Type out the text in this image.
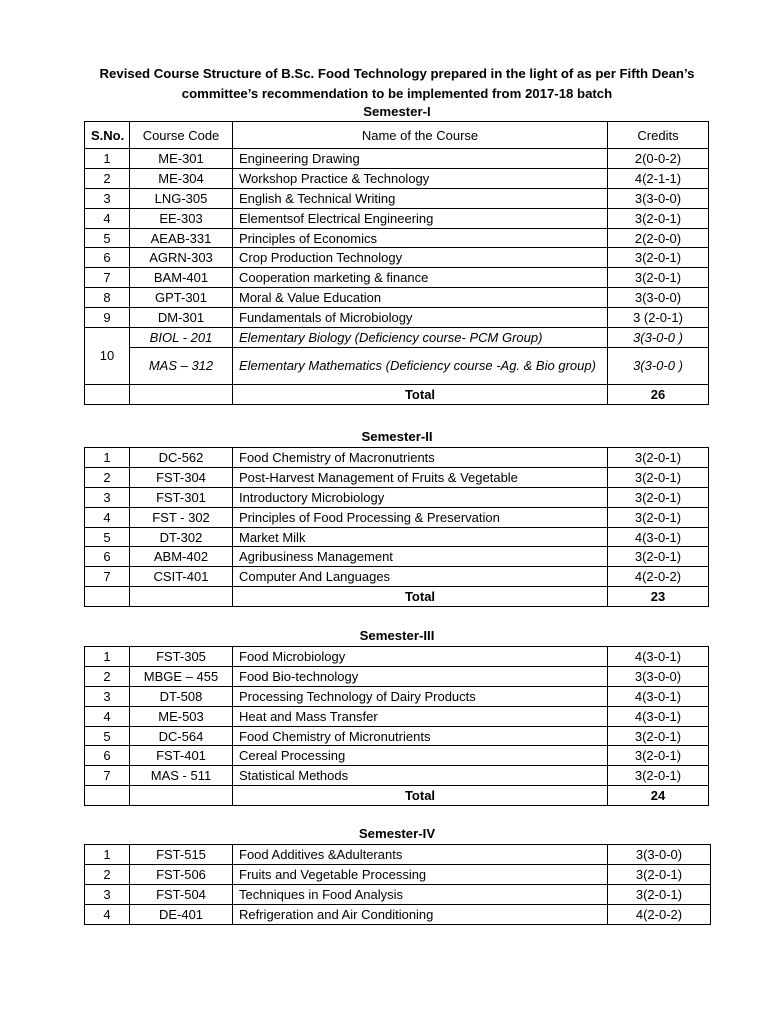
Revised Course Structure of B.Sc. Food Technology prepared in the light of as per Fifth Dean’s
committee’s recommendation to be implemented from 2017-18 batch
Semester-I
S.No.	Course Code	Name of the Course	Credits
1	ME-301	Engineering Drawing	2(0-0-2)
2	ME-304	Workshop Practice & Technology	4(2-1-1)
3	LNG-305	English & Technical Writing	3(3-0-0)
4	EE-303	Elementsof Electrical Engineering	3(2-0-1)
5	AEAB-331	Principles of Economics	2(2-0-0)
6	AGRN-303	Crop Production Technology	3(2-0-1)
7	BAM-401	Cooperation marketing & finance	3(2-0-1)
8	GPT-301	Moral & Value Education	3(3-0-0)
9	DM-301	Fundamentals of Microbiology	3 (2-0-1)
10	BIOL - 201	Elementary Biology (Deficiency course- PCM Group)	3(3-0-0 )
	MAS – 312	Elementary Mathematics (Deficiency course -Ag. & Bio group)	3(3-0-0 )
		Total	26
Semester-II
1	DC-562	Food Chemistry of Macronutrients	3(2-0-1)
2	FST-304	Post-Harvest Management of Fruits & Vegetable	3(2-0-1)
3	FST-301	Introductory Microbiology	3(2-0-1)
4	FST - 302	Principles of Food Processing & Preservation	3(2-0-1)
5	DT-302	Market Milk	4(3-0-1)
6	ABM-402	Agribusiness Management	3(2-0-1)
7	CSIT-401	Computer And Languages	4(2-0-2)
		Total	23
Semester-III
1	FST-305	Food Microbiology	4(3-0-1)
2	MBGE – 455	Food Bio-technology	3(3-0-0)
3	DT-508	Processing Technology of Dairy Products	4(3-0-1)
4	ME-503	Heat and Mass Transfer	4(3-0-1)
5	DC-564	Food Chemistry of Micronutrients	3(2-0-1)
6	FST-401	Cereal Processing	3(2-0-1)
7	MAS - 511	Statistical Methods	3(2-0-1)
		Total	24
Semester-IV
1	FST-515	Food Additives &Adulterants	3(3-0-0)
2	FST-506	Fruits and Vegetable Processing	3(2-0-1)
3	FST-504	Techniques in Food Analysis	3(2-0-1)
4	DE-401	Refrigeration and Air Conditioning	4(2-0-2)
